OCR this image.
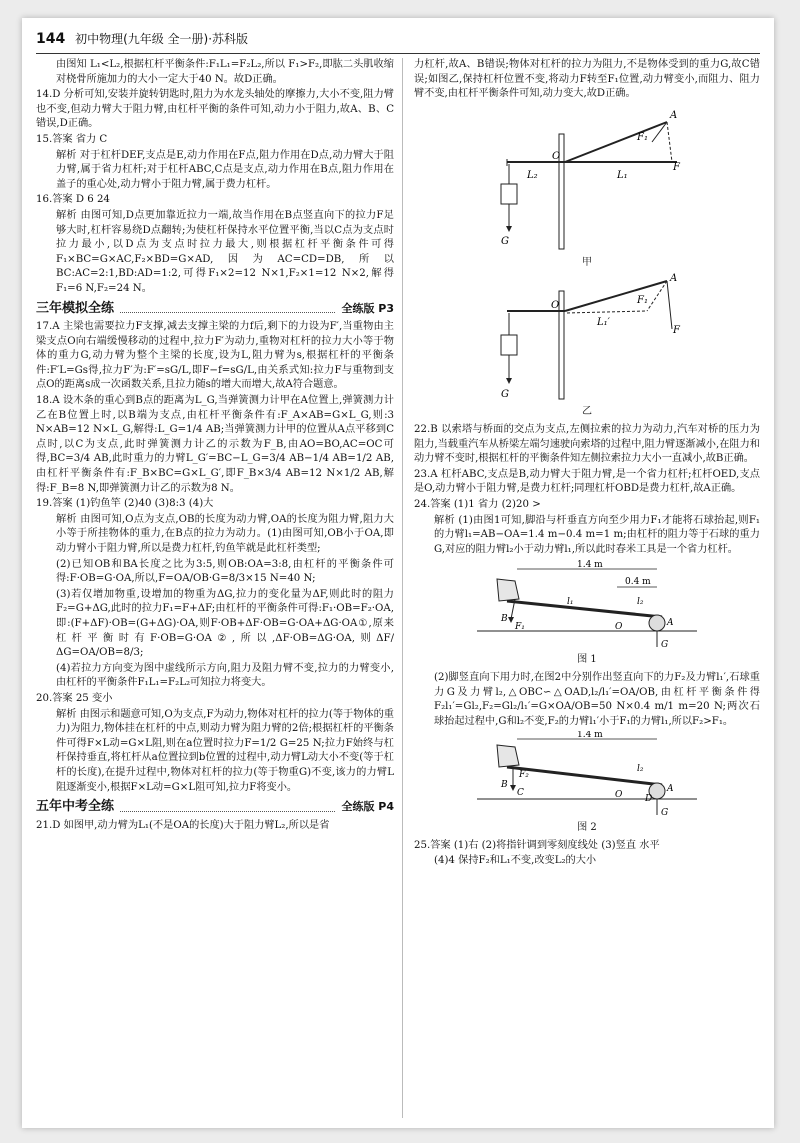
144 初中物理(九年级 全一册)·苏科版

由图知 L₁<L₂,根据杠杆平衡条件:F₁L₁=F₂L₂,所以 F₁>F₂,即肱二头肌收缩对桡骨所施加力的大小一定大于40 N。故D正确。

14.D 分析可知,安装并旋转钥匙时,阻力为水龙头轴处的摩擦力,大小不变,阻力臂也不变,但动力臂大于阻力臂,由杠杆平衡的条件可知,动力小于阻力,故A、B、C错误,D正确。

15.答案 省力 C

解析 对于杠杆DEF,支点是E,动力作用在F点,阻力作用在D点,动力臂大于阻力臂,属于省力杠杆;对于杠杆ABC,C点是支点,动力作用在B点,阻力作用在盖子的重心处,动力臂小于阻力臂,属于费力杠杆。

16.答案 D 6 24

解析 由图可知,D点更加靠近拉力一端,故当作用在B点竖直向下的拉力F足够大时,杠杆容易绕D点翻转;为使杠杆保持水平位置平衡,当以C点为支点时拉力最小,以D点为支点时拉力最大,则根据杠杆平衡条件可得F₁×BC=G×AC,F₂×BD=G×AD,因为AC=CD=DB,所以BC:AC=2:1,BD:AD=1:2,可得F₁×2=12 N×1,F₂×1=12 N×2,解得F₁=6 N,F₂=24 N。

三年模拟全练	全练版 P3

17.A 主梁也需要拉力F支撑,减去支撑主梁的力f后,剩下的力设为F′,当重物由主梁支点O向右端缓慢移动的过程中,拉力F′为动力,重物对杠杆的拉力大小等于物体的重力G,动力臂为整个主梁的长度,设为L,阻力臂为s,根据杠杆的平衡条件:F′L=Gs得,拉力F′为:F′=sG/L,即F−f=sG/L,由关系式知:拉力F与重物到支点O的距离s成一次函数关系,且拉力随s的增大而增大,故A符合题意。

18.A 设木条的重心到B点的距离为L_G,当弹簧测力计甲在A位置上,弹簧测力计乙在B位置上时,以B端为支点,由杠杆平衡条件有:F_A×AB=G×L_G,则:3 N×AB=12 N×L_G,解得:L_G=1/4 AB;当弹簧测力计甲的位置从A点平移到C点时,以C为支点,此时弹簧测力计乙的示数为F_B,由AO=BO,AC=OC可得,BC=3/4 AB,此时重力的力臂L_G′=BC−L_G=3/4 AB−1/4 AB=1/2 AB,由杠杆平衡条件有:F_B×BC=G×L_G′,即F_B×3/4 AB=12 N×1/2 AB,解得:F_B=8 N,即弹簧测力计乙的示数为8 N。

19.答案 (1)钓鱼竿 (2)40 (3)8:3 (4)大

解析 由图可知,O点为支点,OB的长度为动力臂,OA的长度为阻力臂,阻力大小等于所挂物体的重力,在B点的拉力为动力。(1)由图可知,OB小于OA,即动力臂小于阻力臂,所以是费力杠杆,钓鱼竿就是此杠杆类型;

(2)已知OB和BA长度之比为3:5,则OB:OA=3:8,由杠杆的平衡条件可得:F·OB=G·OA,所以,F=OA/OB·G=8/3×15 N=40 N;

(3)若仅增加物重,设增加的物重为ΔG,拉力的变化量为ΔF,则此时的阻力F₂=G+ΔG,此时的拉力F₁=F+ΔF;由杠杆的平衡条件可得:F₁·OB=F₂·OA,即:(F+ΔF)·OB=(G+ΔG)·OA,则F·OB+ΔF·OB=G·OA+ΔG·OA①,原来杠杆平衡时有F·OB=G·OA②,所以,ΔF·OB=ΔG·OA,则ΔF/ΔG=OA/OB=8/3;

(4)若拉力方向变为图中虚线所示方向,阻力及阻力臂不变,拉力的力臂变小,由杠杆的平衡条件F₁L₁=F₂L₂可知拉力将变大。

20.答案 25 变小

解析 由图示和题意可知,O为支点,F为动力,物体对杠杆的拉力(等于物体的重力)为阻力,物体挂在杠杆的中点,则动力臂为阻力臂的2倍;根据杠杆的平衡条件可得F×L动=G×L阻,则在a位置时拉力F=1/2 G=25 N;拉力F始终与杠杆保持垂直,将杠杆从a位置拉到b位置的过程中,动力臂L动大小不变(等于杠杆的长度),在提升过程中,物体对杠杆的拉力(等于物重G)不变,该力的力臂L阻逐渐变小,根据F×L动=G×L阻可知,拉力F将变小。

五年中考全练	全练版 P4

21.D 如图甲,动力臂为L₁(不是OA的长度)大于阻力臂L₂,所以是省

力杠杆,故A、B错误;物体对杠杆的拉力为阻力,不是物体受到的重力G,故C错误;如图乙,保持杠杆位置不变,将动力F转至F₁位置,动力臂变小,而阻力、阻力臂不变,由杠杆平衡条件可知,动力变大,故D正确。

A
O
F
F₁
L₁
L₂
G

甲

A
O
F
F₁
L₁′
G

乙

22.B 以索塔与桥面的交点为支点,左侧拉索的拉力为动力,汽车对桥的压力为阻力,当载重汽车从桥梁左端匀速驶向索塔的过程中,阻力臂逐渐减小,在阻力和动力臂不变时,根据杠杆的平衡条件知左侧拉索拉力大小一直减小,故B正确。

23.A 杠杆ABC,支点是B,动力臂大于阻力臂,是一个省力杠杆;杠杆OED,支点是O,动力臂小于阻力臂,是费力杠杆;同理杠杆OBD是费力杠杆,故A正确。

24.答案 (1)1 省力 (2)20 >

解析 (1)由图1可知,脚沿与杆垂直方向至少用力F₁才能将石球抬起,则F₁的力臂l₁=AB−OA=1.4 m−0.4 m=1 m;由杠杆的阻力等于石球的重力G,对应的阻力臂l₂小于动力臂l₁,所以此时春米工具是一个省力杠杆。

1.4 m
0.4 m
B
F₁	O	A
l₁	l₂
G

图 1

(2)脚竖直向下用力时,在图2中分别作出竖直向下的力F₂及力臂l₁′,石球重力G及力臂l₂,△OBC∽△OAD,l₂/l₁′=OA/OB,由杠杆平衡条件得F₂l₁′=Gl₂,F₂=Gl₂/l₁′=G×OA/OB=50 N×0.4 m/1 m=20 N;两次石球抬起过程中,G和l₂不变,F₂的力臂l₁′小于F₁的力臂l₁,所以F₂>F₁。

1.4 m
B
C	O
A
D
F₂
l₂
G

图 2

25.答案 (1)右 (2)将指针调到零刻度线处 (3)竖直 水平

(4)4 保持F₂和L₁不变,改变L₂的大小
